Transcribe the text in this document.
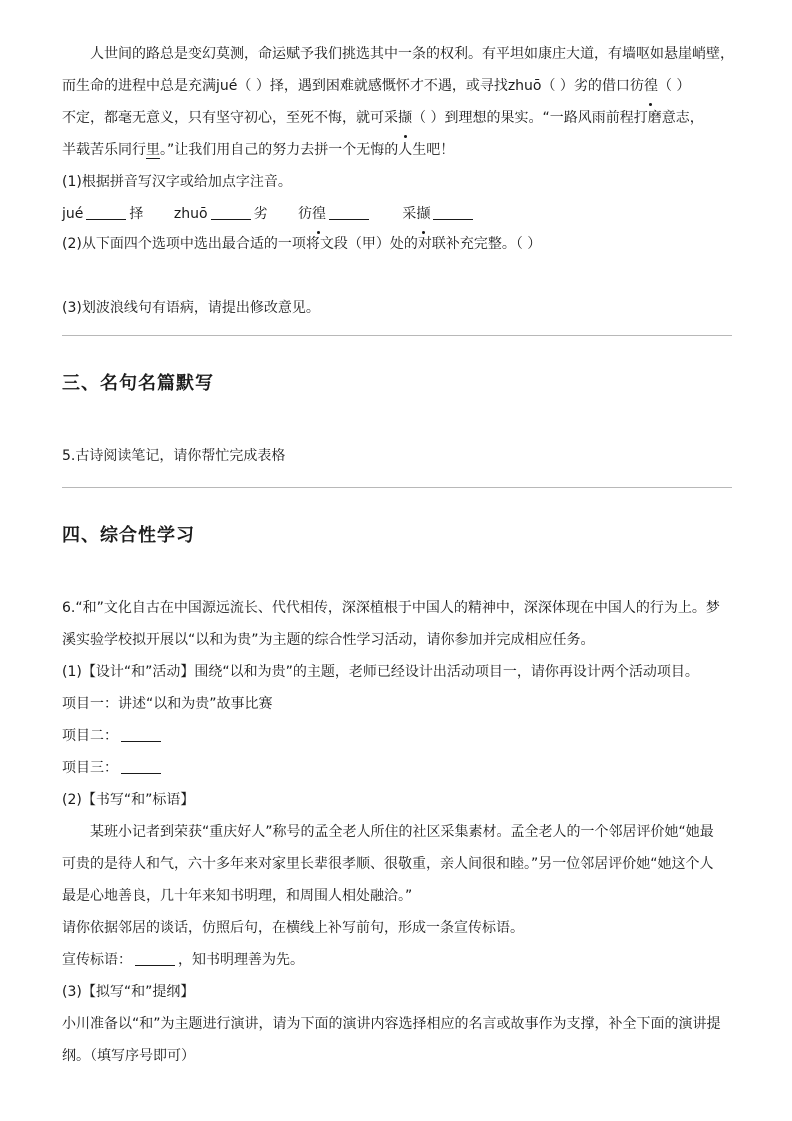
人世间的路总是变幻莫测，命运赋予我们挑选其中一条的权利。有平坦如康庄大道，有墙呕如悬崖峭壁，
而生命的进程中总是充满jué（ ）择，遇到困难就感慨怀才不遇，或寻找zhuō（ ）劣的借口彷徨（ ）
不定，都毫无意义，只有坚守初心，至死不悔，就可采撷（ ）到理想的果实。“一路风雨前程打磨意志，
半载苦乐同行里。”让我们用自己的努力去拼一个无悔的人生吧！
(1)根据拼音写汉字或给加点字注音。
jué	择 zhuō	劣 彷徨	采撷
(2)从下面四个选项中选出最合适的一项将文段（甲）处的对联补充完整。（ ）
(3)划波浪线句有语病，请提出修改意见。
三、名句名篇默写
5.古诗阅读笔记，请你帮忙完成表格
四、综合性学习
6.“和”文化自古在中国源远流长、代代相传，深深植根于中国人的精神中，深深体现在中国人的行为上。梦
溪实验学校拟开展以“以和为贵”为主题的综合性学习活动，请你参加并完成相应任务。
(1)【设计“和”活动】围绕“以和为贵”的主题，老师已经设计出活动项目一，请你再设计两个活动项目。
项目一：讲述“以和为贵”故事比赛
项目二：
项目三：
(2)【书写“和”标语】
某班小记者到荣获“重庆好人”称号的孟全老人所住的社区采集素材。孟全老人的一个邻居评价她“她最
可贵的是待人和气，六十多年来对家里长辈很孝顺、很敬重，亲人间很和睦。”另一位邻居评价她“她这个人
最是心地善良，几十年来知书明理，和周围人相处融洽。”
请你依据邻居的谈话，仿照后句，在横线上补写前句，形成一条宣传标语。
宣传标语：	，知书明理善为先。
(3)【拟写“和”提纲】
小川准备以“和”为主题进行演讲，请为下面的演讲内容选择相应的名言或故事作为支撑，补全下面的演讲提
纲。（填写序号即可）
